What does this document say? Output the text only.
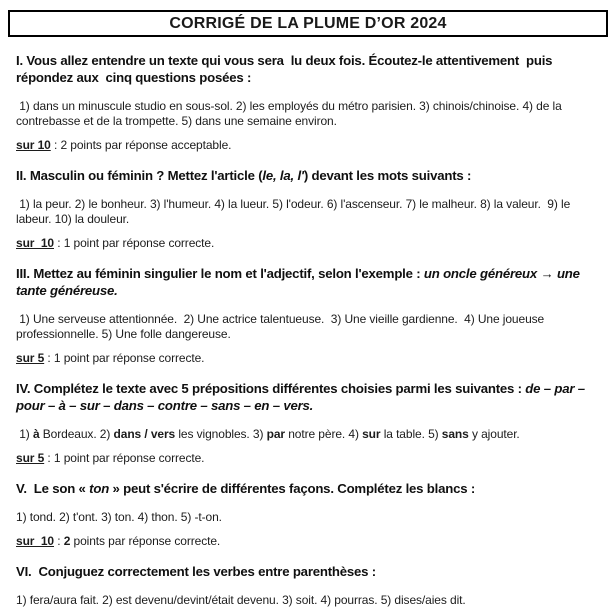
CORRIGÉ DE LA PLUME D’OR 2024
I. Vous allez entendre un texte qui vous sera  lu deux fois. Écoutez-le attentivement  puis répondez aux  cinq questions posées :

1) dans un minuscule studio en sous-sol. 2) les employés du métro parisien. 3) chinois/chinoise. 4) de la contrebasse et de la trompette. 5) dans une semaine environ.

sur 10 : 2 points par réponse acceptable.

II. Masculin ou féminin ? Mettez l'article (le, la, l') devant les mots suivants :

1) la peur. 2) le bonheur. 3) l'humeur. 4) la lueur. 5) l'odeur. 6) l'ascenseur. 7) le malheur. 8) la valeur.  9) le labeur. 10) la douleur.

sur  10 : 1 point par réponse correcte.

III. Mettez au féminin singulier le nom et l'adjectif, selon l'exemple : un oncle généreux → une tante généreuse.

1) Une serveuse attentionnée.  2) Une actrice talentueuse.  3) Une vieille gardienne.  4) Une joueuse professionnelle. 5) Une folle dangereuse.

sur 5 : 1 point par réponse correcte.

IV. Complétez le texte avec 5 prépositions différentes choisies parmi les suivantes : de – par – pour – à – sur – dans – contre – sans – en – vers.

1) à Bordeaux. 2) dans / vers les vignobles. 3) par notre père. 4) sur la table. 5) sans y ajouter.

sur 5 : 1 point par réponse correcte.

V.  Le son « ton » peut s'écrire de différentes façons. Complétez les blancs :

1) tond. 2) t'ont. 3) ton. 4) thon. 5) -t-on.

sur  10 : 2 points par réponse correcte.

VI.  Conjuguez correctement les verbes entre parenthèses :

1) fera/aura fait. 2) est devenu/devint/était devenu. 3) soit. 4) pourras. 5) dises/aies dit.
